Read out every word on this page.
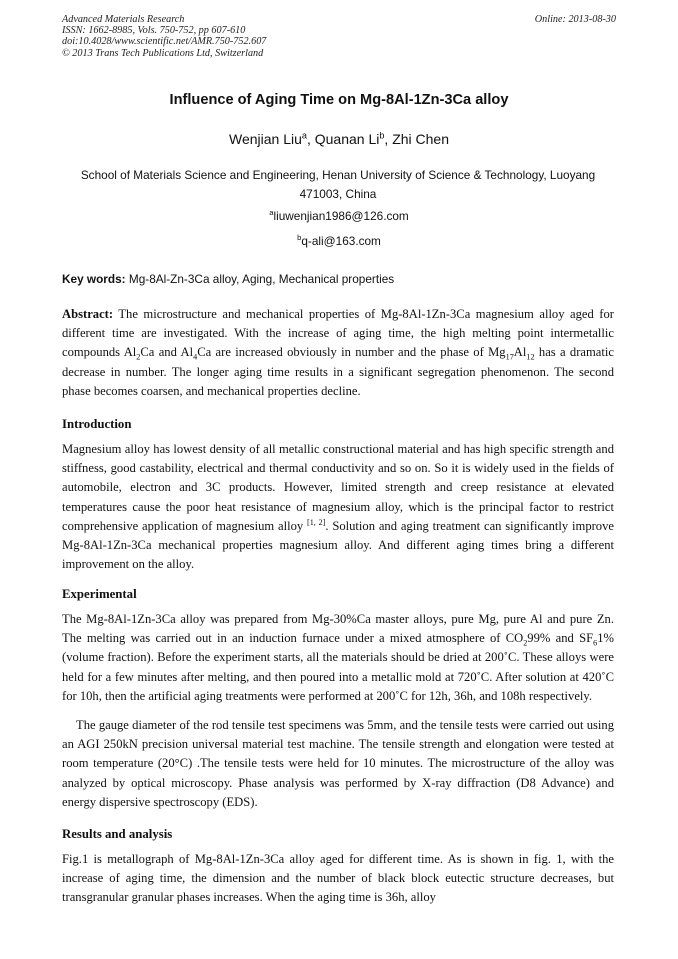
Advanced Materials Research
ISSN: 1662-8985, Vols. 750-752, pp 607-610
doi:10.4028/www.scientific.net/AMR.750-752.607
© 2013 Trans Tech Publications Ltd, Switzerland
Online: 2013-08-30
Influence of Aging Time on Mg-8Al-1Zn-3Ca alloy
Wenjian Liu$^a$, Quanan Li$^b$, Zhi Chen
School of Materials Science and Engineering, Henan University of Science & Technology, Luoyang 471003, China
$^a$liuwenjian1986@126.com
$^b$q-ali@163.com
Key words: Mg-8Al-Zn-3Ca alloy, Aging, Mechanical properties

Abstract: The microstructure and mechanical properties of Mg-8Al-1Zn-3Ca magnesium alloy aged for different time are investigated. With the increase of aging time, the high melting point intermetallic compounds $Al_2Ca$ and $Al_4Ca$ are increased obviously in number and the phase of $Mg_{17}Al_{12}$ has a dramatic decrease in number. The longer aging time results in a significant segregation phenomenon. The second phase becomes coarsen, and mechanical properties decline.

Introduction

Magnesium alloy has lowest density of all metallic constructional material and has high specific strength and stiffness, good castability, electrical and thermal conductivity and so on. So it is widely used in the fields of automobile, electron and 3C products. However, limited strength and creep resistance at elevated temperatures cause the poor heat resistance of magnesium alloy, which is the principal factor to restrict comprehensive application of magnesium alloy [1, 2]. Solution and aging treatment can significantly improve Mg-8Al-1Zn-3Ca mechanical properties magnesium alloy. And different aging times bring a different improvement on the alloy.

Experimental

The Mg-8Al-1Zn-3Ca alloy was prepared from Mg-30%Ca master alloys, pure Mg, pure Al and pure Zn. The melting was carried out in an induction furnace under a mixed atmosphere of $CO_299\%$ and $SF_61\%$ (volume fraction). Before the experiment starts, all the materials should be dried at 200˚C. These alloys were held for a few minutes after melting, and then poured into a metallic mold at 720˚C. After solution at 420˚C for 10h, then the artificial aging treatments were performed at 200˚C for 12h, 36h, and 108h respectively.

The gauge diameter of the rod tensile test specimens was 5mm, and the tensile tests were carried out using an AGI 250kN precision universal material test machine. The tensile strength and elongation were tested at room temperature (20°C) .The tensile tests were held for 10 minutes. The microstructure of the alloy was analyzed by optical microscopy. Phase analysis was performed by X-ray diffraction (D8 Advance) and energy dispersive spectroscopy (EDS).

Results and analysis

Fig.1 is metallograph of Mg-8Al-1Zn-3Ca alloy aged for different time. As is shown in fig. 1, with the increase of aging time, the dimension and the number of black block eutectic structure decreases, but transgranular granular phases increases. When the aging time is 36h, alloy
